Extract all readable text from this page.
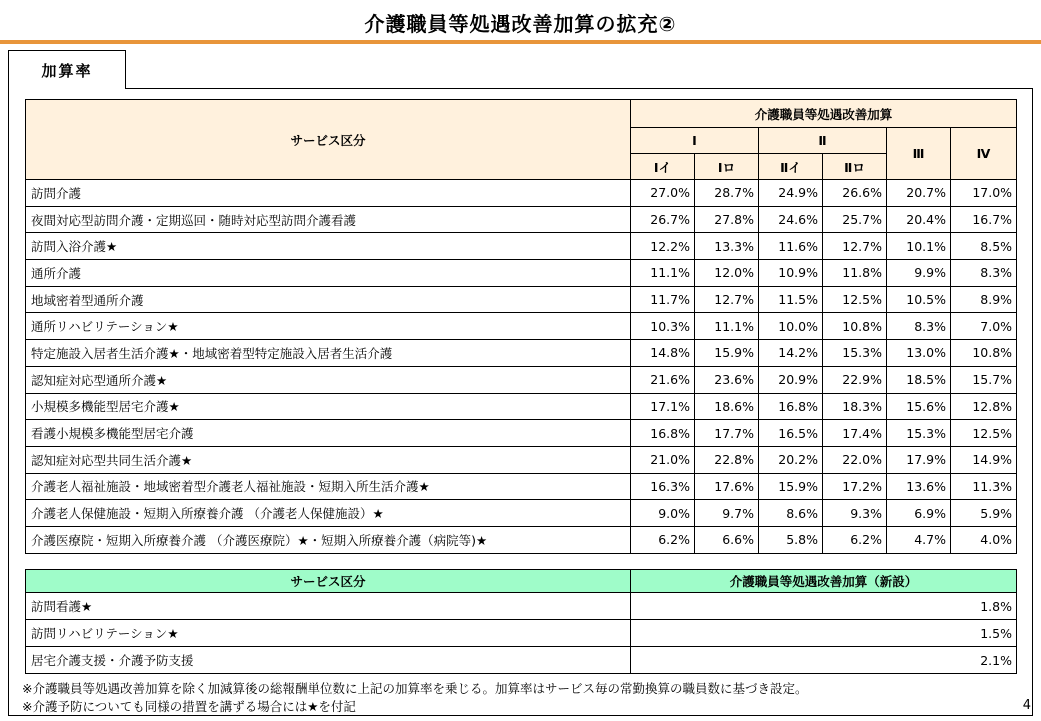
介護職員等処遇改善加算の拡充②
加算率
サービス区分	介護職員等処遇改善加算					
	Ⅰ		Ⅱ		Ⅲ	Ⅳ
	Ⅰイ	Ⅰロ	Ⅱイ	Ⅱロ		
訪問介護	27.0%	28.7%	24.9%	26.6%	20.7%	17.0%
夜間対応型訪問介護・定期巡回・随時対応型訪問介護看護	26.7%	27.8%	24.6%	25.7%	20.4%	16.7%
訪問入浴介護★	12.2%	13.3%	11.6%	12.7%	10.1%	8.5%
通所介護	11.1%	12.0%	10.9%	11.8%	9.9%	8.3%
地域密着型通所介護	11.7%	12.7%	11.5%	12.5%	10.5%	8.9%
通所リハビリテーション★	10.3%	11.1%	10.0%	10.8%	8.3%	7.0%
特定施設入居者生活介護★・地域密着型特定施設入居者生活介護	14.8%	15.9%	14.2%	15.3%	13.0%	10.8%
認知症対応型通所介護★	21.6%	23.6%	20.9%	22.9%	18.5%	15.7%
小規模多機能型居宅介護★	17.1%	18.6%	16.8%	18.3%	15.6%	12.8%
看護小規模多機能型居宅介護	16.8%	17.7%	16.5%	17.4%	15.3%	12.5%
認知症対応型共同生活介護★	21.0%	22.8%	20.2%	22.0%	17.9%	14.9%
介護老人福祉施設・地域密着型介護老人福祉施設・短期入所生活介護★	16.3%	17.6%	15.9%	17.2%	13.6%	11.3%
介護老人保健施設・短期入所療養介護 （介護老人保健施設）★	9.0%	9.7%	8.6%	9.3%	6.9%	5.9%
介護医療院・短期入所療養介護 （介護医療院）★・短期入所療養介護（病院等)★	6.2%	6.6%	5.8%	6.2%	4.7%	4.0%
サービス区分	介護職員等処遇改善加算（新設）
訪問看護★	1.8%
訪問リハビリテーション★	1.5%
居宅介護支援・介護予防支援	2.1%
※介護職員等処遇改善加算を除く加減算後の総報酬単位数に上記の加算率を乗じる。加算率はサービス毎の常勤換算の職員数に基づき設定。
※介護予防についても同様の措置を講ずる場合には★を付記	4
